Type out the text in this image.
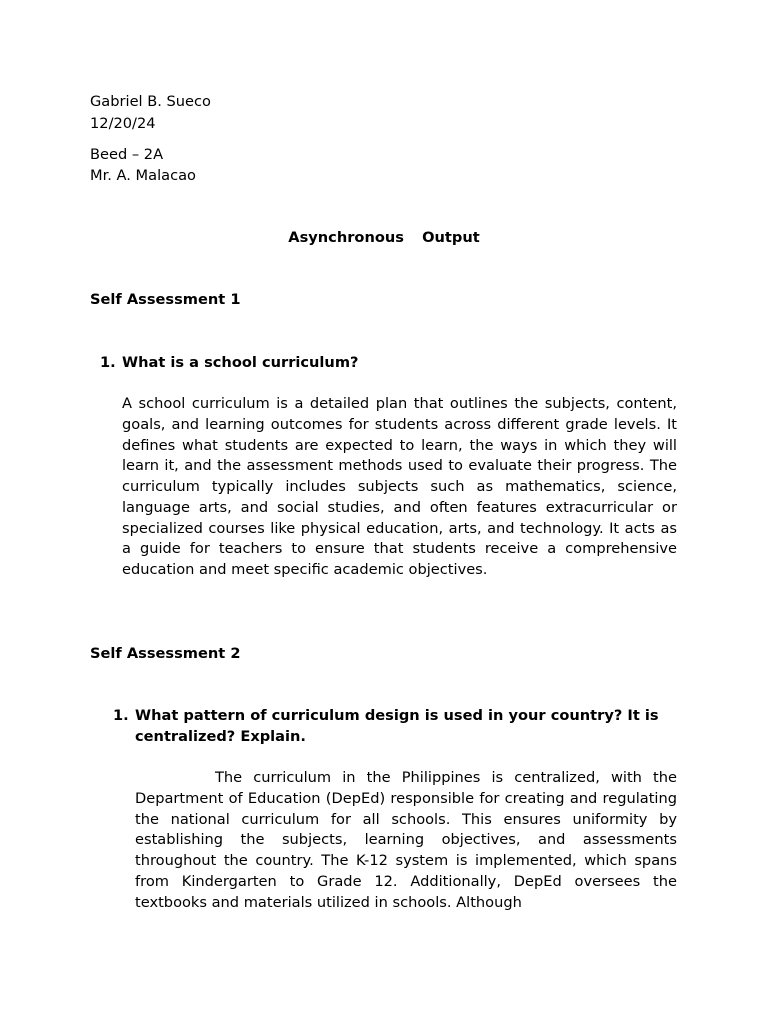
Gabriel B. Sueco
12/20/24
Beed – 2A
Mr. A. Malacao
Asynchronous  Output
Self Assessment 1
1. What is a school curriculum?
A school curriculum is a detailed plan that outlines the subjects, content, goals, and learning outcomes for students across different grade levels. It defines what students are expected to learn, the ways in which they will learn it, and the assessment methods used to evaluate their progress. The curriculum typically includes subjects such as mathematics, science, language arts, and social studies, and often features extracurricular or specialized courses like physical education, arts, and technology. It acts as a guide for teachers to ensure that students receive a comprehensive education and meet specific academic objectives.
Self Assessment 2
1. What pattern of curriculum design is used in your country? It is centralized? Explain.
The curriculum in the Philippines is centralized, with the Department of Education (DepEd) responsible for creating and regulating the national curriculum for all schools. This ensures uniformity by establishing the subjects, learning objectives, and assessments throughout the country. The K-12 system is implemented, which spans from Kindergarten to Grade 12. Additionally, DepEd oversees the textbooks and materials utilized in schools. Although
